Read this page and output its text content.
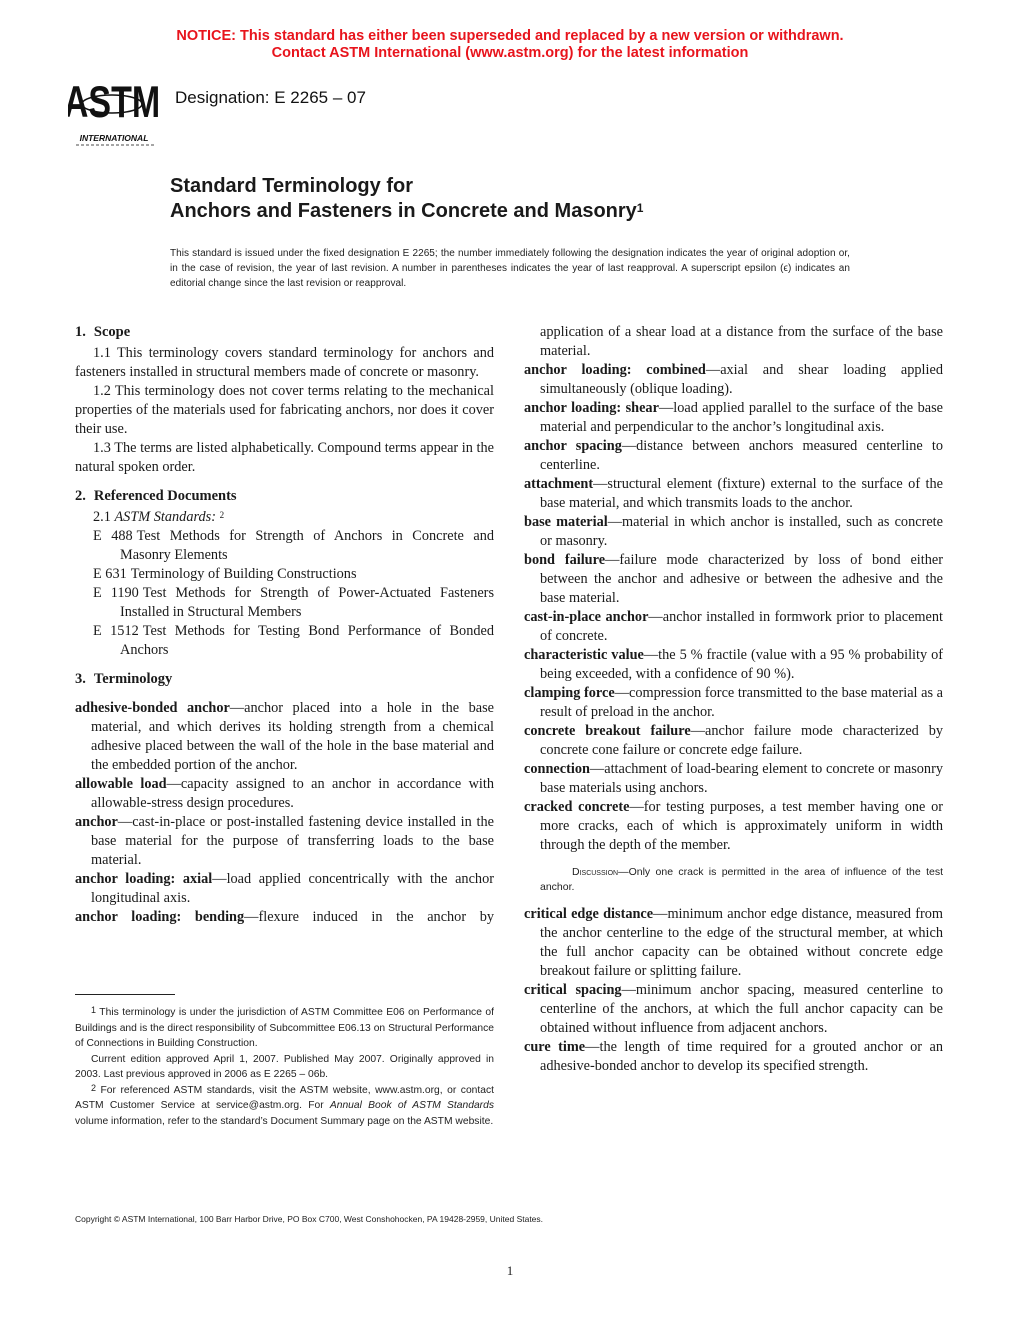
NOTICE: This standard has either been superseded and replaced by a new version or withdrawn.
Contact ASTM International (www.astm.org) for the latest information
ASTM
INTERNATIONAL
Designation: E 2265 – 07
Standard Terminology for
Anchors and Fasteners in Concrete and Masonry$^1$
This standard is issued under the fixed designation E 2265; the number immediately following the designation indicates the year of original adoption or, in the case of revision, the year of last revision. A number in parentheses indicates the year of last reapproval. A superscript epsilon (ϵ) indicates an editorial change since the last revision or reapproval.
1. Scope

1.1 This terminology covers standard terminology for anchors and fasteners installed in structural members made of concrete or masonry.

1.2 This terminology does not cover terms relating to the mechanical properties of the materials used for fabricating anchors, nor does it cover their use.

1.3 The terms are listed alphabetically. Compound terms appear in the natural spoken order.

2. Referenced Documents

2.1 ASTM Standards: $^2$

E 488 Test Methods for Strength of Anchors in Concrete and Masonry Elements

E 631 Terminology of Building Constructions

E 1190 Test Methods for Strength of Power-Actuated Fasteners Installed in Structural Members

E 1512 Test Methods for Testing Bond Performance of Bonded Anchors

3. Terminology

adhesive-bonded anchor—anchor placed into a hole in the base material, and which derives its holding strength from a chemical adhesive placed between the wall of the hole in the base material and the embedded portion of the anchor.

allowable load—capacity assigned to an anchor in accordance with allowable-stress design procedures.

anchor—cast-in-place or post-installed fastening device installed in the base material for the purpose of transferring loads to the base material.

anchor loading: axial—load applied concentrically with the anchor longitudinal axis.

anchor loading: bending—flexure induced in the anchor by

application of a shear load at a distance from the surface of the base material.

anchor loading: combined—axial and shear loading applied simultaneously (oblique loading).

anchor loading: shear—load applied parallel to the surface of the base material and perpendicular to the anchor’s longitudinal axis.

anchor spacing—distance between anchors measured centerline to centerline.

attachment—structural element (fixture) external to the surface of the base material, and which transmits loads to the anchor.

base material—material in which anchor is installed, such as concrete or masonry.

bond failure—failure mode characterized by loss of bond either between the anchor and adhesive or between the adhesive and the base material.

cast-in-place anchor—anchor installed in formwork prior to placement of concrete.

characteristic value—the 5 % fractile (value with a 95 % probability of being exceeded, with a confidence of 90 %).

clamping force—compression force transmitted to the base material as a result of preload in the anchor.

concrete breakout failure—anchor failure mode characterized by concrete cone failure or concrete edge failure.

connection—attachment of load-bearing element to concrete or masonry base materials using anchors.

cracked concrete—for testing purposes, a test member having one or more cracks, each of which is approximately uniform in width through the depth of the member.

Discussion—Only one crack is permitted in the area of influence of the test anchor.

critical edge distance—minimum anchor edge distance, measured from the anchor centerline to the edge of the structural member, at which the full anchor capacity can be obtained without concrete edge breakout failure or splitting failure.

critical spacing—minimum anchor spacing, measured centerline to centerline of the anchors, at which the full anchor capacity can be obtained without influence from adjacent anchors.

cure time—the length of time required for a grouted anchor or an adhesive-bonded anchor to develop its specified strength.

$^1$ This terminology is under the jurisdiction of ASTM Committee E06 on Performance of Buildings and is the direct responsibility of Subcommittee E06.13 on Structural Performance of Connections in Building Construction.

Current edition approved April 1, 2007. Published May 2007. Originally approved in 2003. Last previous approved in 2006 as E 2265 – 06b.

$^2$ For referenced ASTM standards, visit the ASTM website, www.astm.org, or contact ASTM Customer Service at service@astm.org. For Annual Book of ASTM Standards volume information, refer to the standard’s Document Summary page on the ASTM website.

Copyright © ASTM International, 100 Barr Harbor Drive, PO Box C700, West Conshohocken, PA 19428-2959, United States.
1
